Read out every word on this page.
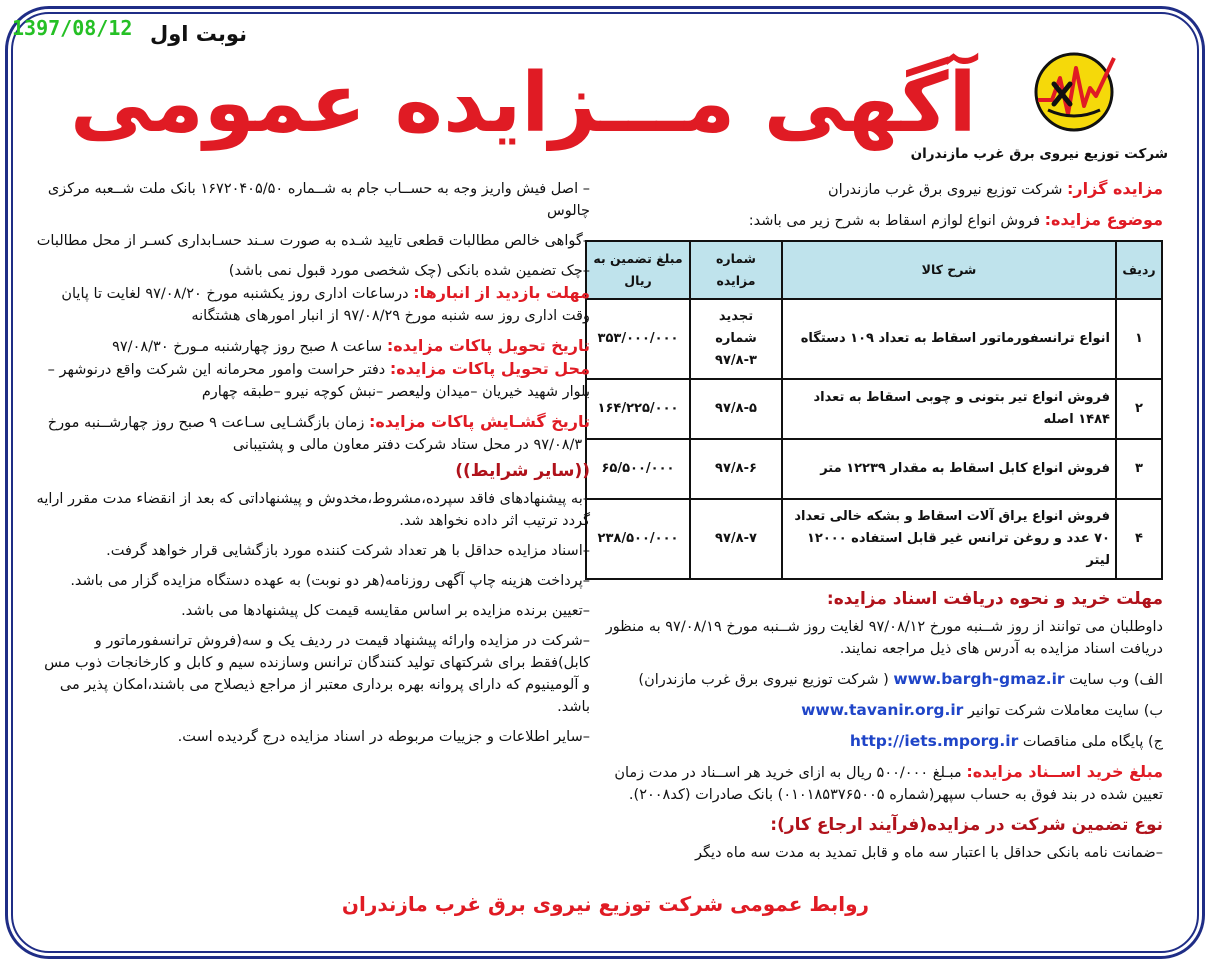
1397/08/12 نوبت اول
آگهی مـــزایده عمومی
شرکت توزیع نیروی برق غرب مازندران
مزایده گزار: شرکت توزیع نیروی برق غرب مازندران
موضوع مزایده: فروش انواع لوازم اسقاط به شرح زیر می باشد:
ردیف	شرح کالا	شماره مزایده	مبلغ تضمین به ریال
۱	انواع ترانسفورماتور اسقاط به تعداد ۱۰۹ دستگاه	تجدید شماره ۳-۹۷/۸	۳۵۳/۰۰۰/۰۰۰
۲	فروش انواع تیر بتونی و چوبی اسقاط به تعداد ۱۴۸۴ اصله	۹۷/۸-۵	۱۶۴/۲۲۵/۰۰۰
۳	فروش انواع کابل اسقاط به مقدار ۱۲۲۳۹ متر	۹۷/۸-۶	۶۵/۵۰۰/۰۰۰
۴	فروش انواع یراق آلات اسقاط و بشکه خالی تعداد ۷۰ عدد و روغن ترانس غیر قابل استفاده ۱۲۰۰۰ لیتر	۹۷/۸-۷	۲۳۸/۵۰۰/۰۰۰
مهلت خرید و نحوه دریافت اسناد مزایده:
داوطلبان می توانند از روز شــنبه مورخ ۹۷/۰۸/۱۲ لغایت روز شــنبه مورخ ۹۷/۰۸/۱۹ به منظور دریافت اسناد مزایده به آدرس های ذیل مراجعه نمایند.
الف) وب سایت www.bargh-gmaz.ir ( شرکت توزیع نیروی برق غرب مازندران)
ب) سایت معاملات شرکت توانیر www.tavanir.org.ir
ج) پایگاه ملی مناقصات http://iets.mporg.ir
مبلغ خرید اســناد مزایده: مبـلغ ۵۰۰/۰۰۰ ریال به ازای خرید هر اســناد در مدت زمان تعیین شده در بند فوق به حساب سپهر(شماره ۰۱۰۱۸۵۳۷۶۵۰۰۵) بانک صادرات (کد۲۰۰۸).
نوع تضمین شرکت در مزایده(فرآیند ارجاع کار):
–ضمانت نامه بانکی حداقل با اعتبار سه ماه و قابل تمدید به مدت سه ماه دیگر
– اصل فیش واریز وجه به حســاب جام به شــماره ۱۶۷۲۰۴۰۵/۵۰ بانک ملت شــعبه مرکزی چالوس
–گواهی خالص مطالبات قطعی تایید شـده به صورت سـند حسـابداری کسـر از محل مطالبات
–چک تضمین شده بانکی (چک شخصی مورد قبول نمی باشد)
مهلت بازدید از انبارها: درساعات اداری روز یکشنبه مورخ ۹۷/۰۸/۲۰ لغایت تا پایان وقت اداری روز سه شنبه مورخ ۹۷/۰۸/۲۹ از انبار امورهای هشتگانه
تاریخ تحویل پاکات مزایده: ساعت ۸ صبح روز چهارشنبه مـورخ ۹۷/۰۸/۳۰
محل تحویل پاکات مزایده: دفتر حراست وامور محرمانه این شرکت واقع درنوشهر –بلوار شهید خیریان –میدان ولیعصر –نبش کوچه نیرو –طبقه چهارم
تاریخ گشـایش پاکات مزایده: زمان بازگشـایی سـاعت ۹ صبح روز چهارشــنبه مورخ ۹۷/۰۸/۳۰ در محل ستاد شرکت دفتر معاون مالی و پشتیبانی
((سایر شرایط))
–به پیشنهادهای فاقد سپرده،مشروط،مخدوش و پیشنهاداتی که بعد از انقضاء مدت مقرر ارایه گردد ترتیب اثر داده نخواهد شد.
–اسناد مزایده حداقل با هر تعداد شرکت کننده مورد بازگشایی قرار خواهد گرفت.
–پرداخت هزینه چاپ آگهی روزنامه(هر دو نوبت) به عهده دستگاه مزایده گزار می باشد.
–تعیین برنده مزایده بر اساس مقایسه قیمت کل پیشنهادها می باشد.
–شرکت در مزایده وارائه پیشنهاد قیمت در ردیف یک و سه(فروش ترانسفورماتور و کابل)فقط برای شرکتهای تولید کنندگان ترانس وسازنده سیم و کابل و کارخانجات ذوب مس و آلومینیوم که دارای پروانه بهره برداری معتبر از مراجع ذیصلاح می باشند،امکان پذیر می باشد.
–سایر اطلاعات و جزییات مربوطه در اسناد مزایده درج گردیده است.
روابط عمومی شرکت توزیع نیروی برق غرب مازندران
